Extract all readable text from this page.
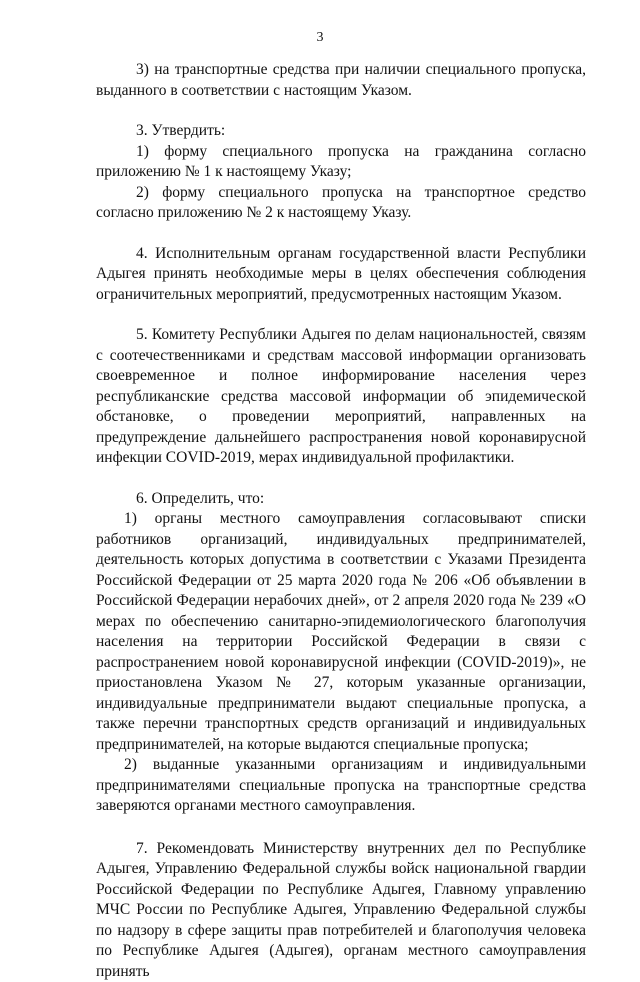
3

3) на транспортные средства при наличии специального пропуска, выданного в соответствии с настоящим Указом.

3. Утвердить:

1) форму специального пропуска на гражданина согласно приложению № 1 к настоящему Указу;

2) форму специального пропуска на транспортное средство согласно приложению № 2 к настоящему Указу.

4. Исполнительным органам государственной власти Республики Адыгея принять необходимые меры в целях обеспечения соблюдения ограничительных мероприятий, предусмотренных настоящим Указом.

5. Комитету Республики Адыгея по делам национальностей, связям с соотечественниками и средствам массовой информации организовать своевременное и полное информирование населения через республиканские средства массовой информации об эпидемической обстановке, о проведении мероприятий, направленных на предупреждение дальнейшего распространения новой коронавирусной инфекции COVID-2019, мерах индивидуальной профилактики.

6. Определить, что:

1) органы местного самоуправления согласовывают списки работников организаций, индивидуальных предпринимателей, деятельность которых допустима в соответствии с Указами Президента Российской Федерации от 25 марта 2020 года № 206 «Об объявлении в Российской Федерации нерабочих дней», от 2 апреля 2020 года № 239 «О мерах по обеспечению санитарно-эпидемиологического благополучия населения на территории Российской Федерации в связи с распространением новой коронавирусной инфекции (COVID-2019)», не приостановлена Указом № 27, которым указанные организации, индивидуальные предприниматели выдают специальные пропуска, а также перечни транспортных средств организаций и индивидуальных предпринимателей, на которые выдаются специальные пропуска;

2) выданные указанными организациям и индивидуальными предпринимателями специальные пропуска на транспортные средства заверяются органами местного самоуправления.

7. Рекомендовать Министерству внутренних дел по Республике Адыгея, Управлению Федеральной службы войск национальной гвардии Российской Федерации по Республике Адыгея, Главному управлению МЧС России по Республике Адыгея, Управлению Федеральной службы по надзору в сфере защиты прав потребителей и благополучия человека по Республике Адыгея (Адыгея), органам местного самоуправления принять
